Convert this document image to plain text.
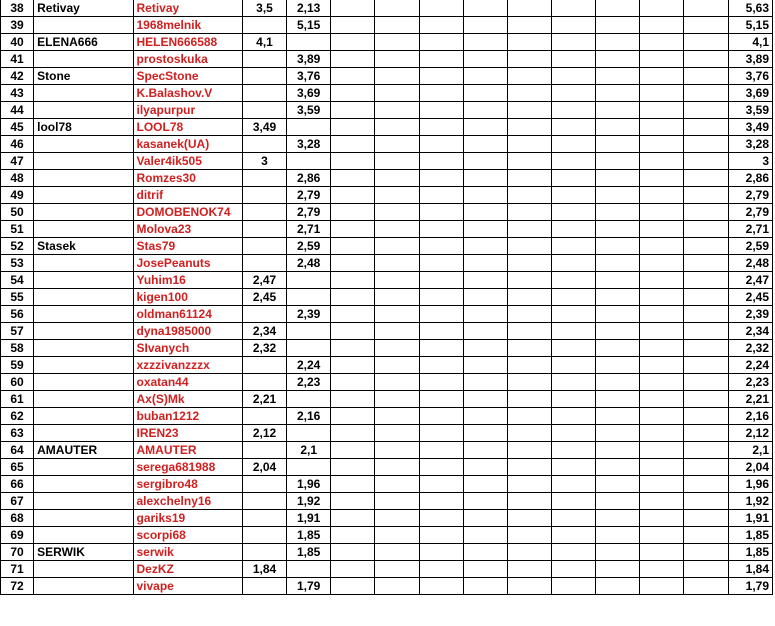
38	Retivay	Retivay	3,5	2,13										5,63
39		1968melnik		5,15										5,15
40	ELENA666	HELEN666588	4,1											4,1
41		prostoskuka		3,89										3,89
42	Stone	SpecStone		3,76										3,76
43		K.Balashov.V		3,69										3,69
44		ilyapurpur		3,59										3,59
45	lool78	LOOL78	3,49											3,49
46		kasanek(UA)		3,28										3,28
47		Valer4ik505	3											3
48		Romzes30		2,86										2,86
49		ditrif		2,79										2,79
50		DOMOBENOK74		2,79										2,79
51		Molova23		2,71										2,71
52	Stasek	Stas79		2,59										2,59
53		JosePeanuts		2,48										2,48
54		Yuhim16	2,47											2,47
55		kigen100	2,45											2,45
56		oldman61124		2,39										2,39
57		dyna1985000	2,34											2,34
58		SIvanych	2,32											2,32
59		xzzzivanzzzx		2,24										2,24
60		oxatan44		2,23										2,23
61		Ax(S)Mk	2,21											2,21
62		buban1212		2,16										2,16
63		IREN23	2,12											2,12
64	AMAUTER	AMAUTER		2,1										2,1
65		serega681988	2,04											2,04
66		sergibro48		1,96										1,96
67		alexchelny16		1,92										1,92
68		gariks19		1,91										1,91
69		scorpi68		1,85										1,85
70	SERWIK	serwik		1,85										1,85
71		DezKZ	1,84											1,84
72		vivape		1,79										1,79
